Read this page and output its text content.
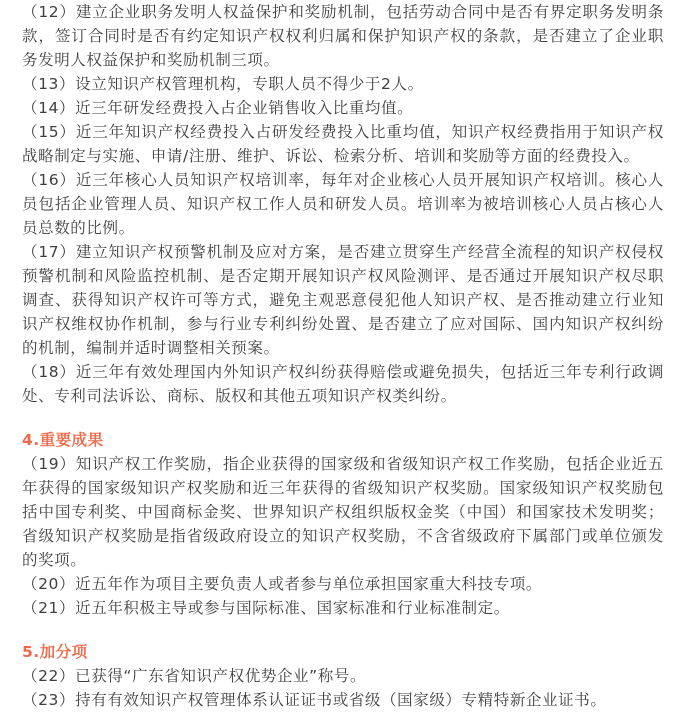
（12）建立企业职务发明人权益保护和奖励机制，包括劳动合同中是否有界定职务发明条款，签订合同时是否有约定知识产权权利归属和保护知识产权的条款，是否建立了企业职务发明人权益保护和奖励机制三项。

（13）设立知识产权管理机构，专职人员不得少于2人。

（14）近三年研发经费投入占企业销售收入比重均值。

（15）近三年知识产权经费投入占研发经费投入比重均值，知识产权经费指用于知识产权战略制定与实施、申请/注册、维护、诉讼、检索分析、培训和奖励等方面的经费投入。

（16）近三年核心人员知识产权培训率，每年对企业核心人员开展知识产权培训。核心人员包括企业管理人员、知识产权工作人员和研发人员。培训率为被培训核心人员占核心人员总数的比例。

（17）建立知识产权预警机制及应对方案，是否建立贯穿生产经营全流程的知识产权侵权预警机制和风险监控机制、是否定期开展知识产权风险测评、是否通过开展知识产权尽职调查、获得知识产权许可等方式，避免主观恶意侵犯他人知识产权、是否推动建立行业知识产权维权协作机制，参与行业专利纠纷处置、是否建立了应对国际、国内知识产权纠纷的机制，编制并适时调整相关预案。

（18）近三年有效处理国内外知识产权纠纷获得赔偿或避免损失，包括近三年专利行政调处、专利司法诉讼、商标、版权和其他五项知识产权类纠纷。

4.重要成果

（19）知识产权工作奖励，指企业获得的国家级和省级知识产权工作奖励，包括企业近五年获得的国家级知识产权奖励和近三年获得的省级知识产权奖励。国家级知识产权奖励包括中国专利奖、中国商标金奖、世界知识产权组织版权金奖（中国）和国家技术发明奖；省级知识产权奖励是指省级政府设立的知识产权奖励，不含省级政府下属部门或单位颁发的奖项。

（20）近五年作为项目主要负责人或者参与单位承担国家重大科技专项。

（21）近五年积极主导或参与国际标准、国家标准和行业标准制定。

5.加分项

（22）已获得“广东省知识产权优势企业”称号。

（23）持有有效知识产权管理体系认证证书或省级（国家级）专精特新企业证书。
